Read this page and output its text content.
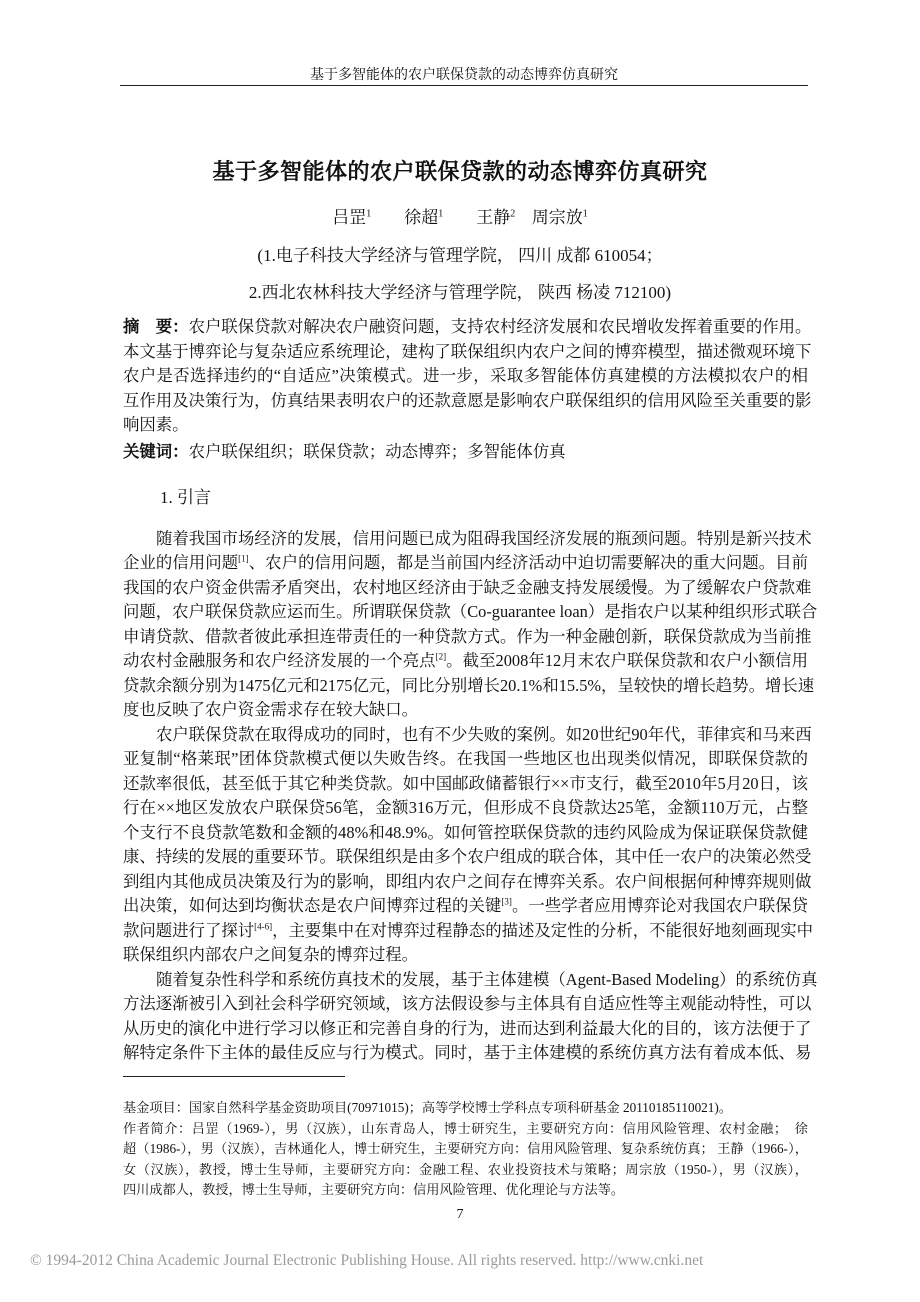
基于多智能体的农户联保贷款的动态博弈仿真研究
基于多智能体的农户联保贷款的动态博弈仿真研究
吕罡$^1$ 徐超$^1$ 王静$^2$ 周宗放$^1$
(1.电子科技大学经济与管理学院， 四川 成都 610054；
2.西北农林科技大学经济与管理学院， 陕西 杨凌 712100)
摘　要：农户联保贷款对解决农户融资问题，支持农村经济发展和农民增收发挥着重要的作用。
本文基于博弈论与复杂适应系统理论，建构了联保组织内农户之间的博弈模型，描述微观环境下
农户是否选择违约的“自适应”决策模式。进一步，采取多智能体仿真建模的方法模拟农户的相
互作用及决策行为，仿真结果表明农户的还款意愿是影响农户联保组织的信用风险至关重要的影
响因素。
关键词：农户联保组织；联保贷款；动态博弈；多智能体仿真
1. 引言
随着我国市场经济的发展，信用问题已成为阻碍我国经济发展的瓶颈问题。特别是新兴技术
企业的信用问题[1]、农户的信用问题，都是当前国内经济活动中迫切需要解决的重大问题。目前
我国的农户资金供需矛盾突出，农村地区经济由于缺乏金融支持发展缓慢。为了缓解农户贷款难
问题，农户联保贷款应运而生。所谓联保贷款（Co-guarantee loan）是指农户以某种组织形式联合
申请贷款、借款者彼此承担连带责任的一种贷款方式。作为一种金融创新，联保贷款成为当前推
动农村金融服务和农户经济发展的一个亮点[2]。截至2008年12月末农户联保贷款和农户小额信用
贷款余额分别为1475亿元和2175亿元，同比分别增长20.1%和15.5%，呈较快的增长趋势。增长速
度也反映了农户资金需求存在较大缺口。
农户联保贷款在取得成功的同时，也有不少失败的案例。如20世纪90年代，菲律宾和马来西
亚复制“格莱珉”团体贷款模式便以失败告终。在我国一些地区也出现类似情况，即联保贷款的
还款率很低，甚至低于其它种类贷款。如中国邮政储蓄银行××市支行，截至2010年5月20日，该
行在××地区发放农户联保贷56笔，金额316万元，但形成不良贷款达25笔，金额110万元，占整
个支行不良贷款笔数和金额的48%和48.9%。如何管控联保贷款的违约风险成为保证联保贷款健
康、持续的发展的重要环节。联保组织是由多个农户组成的联合体，其中任一农户的决策必然受
到组内其他成员决策及行为的影响，即组内农户之间存在博弈关系。农户间根据何种博弈规则做
出决策，如何达到均衡状态是农户间博弈过程的关键[3]。一些学者应用博弈论对我国农户联保贷
款问题进行了探讨[4-6]，主要集中在对博弈过程静态的描述及定性的分析，不能很好地刻画现实中
联保组织内部农户之间复杂的博弈过程。
随着复杂性科学和系统仿真技术的发展，基于主体建模（Agent-Based Modeling）的系统仿真
方法逐渐被引入到社会科学研究领域，该方法假设参与主体具有自适应性等主观能动特性，可以
从历史的演化中进行学习以修正和完善自身的行为，进而达到利益最大化的目的，该方法便于了
解特定条件下主体的最佳反应与行为模式。同时，基于主体建模的系统仿真方法有着成本低、易
基金项目：国家自然科学基金资助项目(70971015)；高等学校博士学科点专项科研基金 20110185110021)。
作者简介：吕罡（1969-），男（汉族），山东青岛人，博士研究生，主要研究方向：信用风险管理、农村金融；　徐
超（1986-），男（汉族），吉林通化人，博士研究生，主要研究方向：信用风险管理、复杂系统仿真； 王静（1966-），
女（汉族），教授，博士生导师，主要研究方向：金融工程、农业投资技术与策略；周宗放（1950-），男（汉族），
四川成都人，教授，博士生导师，主要研究方向：信用风险管理、优化理论与方法等。
7
© 1994-2012 China Academic Journal Electronic Publishing House. All rights reserved. http://www.cnki.net
